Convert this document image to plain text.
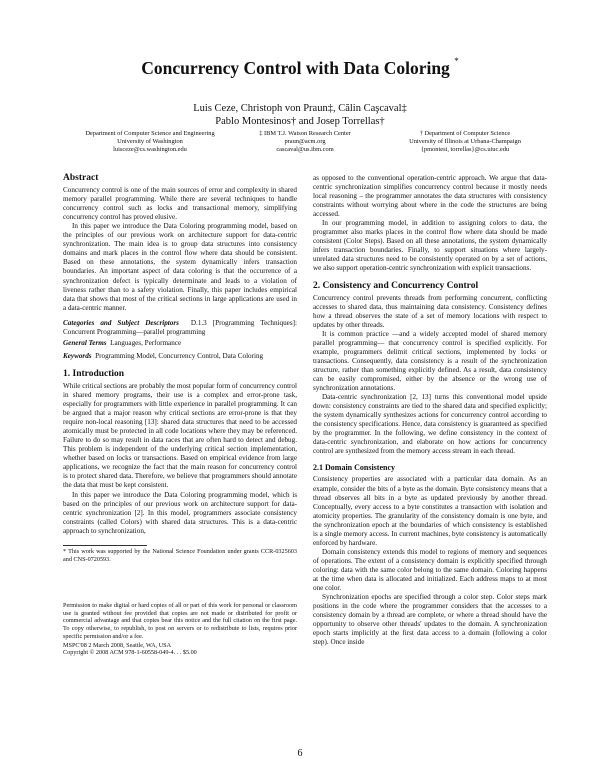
Concurrency Control with Data Coloring *
Luis Ceze, Christoph von Praun‡, Călin Caşcaval‡
Pablo Montesinos† and Josep Torrellas†
Department of Computer Science and Engineering
University of Washington
luisceze@cs.washington.edu
‡ IBM T.J. Watson Research Center
praun@acm.org
cascaval@us.ibm.com
† Department of Computer Science
University of Illinois at Urbana-Champaign
{pmontesi, torrellas}@cs.uiuc.edu
Abstract

Concurrency control is one of the main sources of error and complexity in shared memory parallel programming. While there are several techniques to handle concurrency control such as locks and transactional memory, simplifying concurrency control has proved elusive.

In this paper we introduce the Data Coloring programming model, based on the principles of our previous work on architecture support for data-centric synchronization. The main idea is to group data structures into consistency domains and mark places in the control flow where data should be consistent. Based on these annotations, the system dynamically infers transaction boundaries. An important aspect of data coloring is that the occurrence of a synchronization defect is typically determinate and leads to a violation of liveness rather than to a safety violation. Finally, this paper includes empirical data that shows that most of the critical sections in large applications are used in a data-centric manner.

Categories and Subject Descriptors D.1.3 [Programming Techniques]: Concurrent Programming—parallel programming

General Terms Languages, Performance

Keywords Programming Model, Concurrency Control, Data Coloring

1. Introduction

While critical sections are probably the most popular form of concurrency control in shared memory programs, their use is a complex and error-prone task, especially for programmers with little experience in parallel programming. It can be argued that a major reason why critical sections are error-prone is that they require non-local reasoning [13]: shared data structures that need to be accessed atomically must be protected in all code locations where they may be referenced. Failure to do so may result in data races that are often hard to detect and debug. This problem is independent of the underlying critical section implementation, whether based on locks or transactions. Based on empirical evidence from large applications, we recognize the fact that the main reason for concurrency control is to protect shared data. Therefore, we believe that programmers should annotate the data that must be kept consistent.

In this paper we introduce the Data Coloring programming model, which is based on the principles of our previous work on architecture support for data-centric synchronization [2]. In this model, programmers associate consistency constraints (called Colors) with shared data structures. This is a data-centric approach to synchronization,

* This work was supported by the National Science Foundation under grants CCR-0325603 and CNS-0720593.

Permission to make digital or hard copies of all or part of this work for personal or classroom use is granted without fee provided that copies are not made or distributed for profit or commercial advantage and that copies bear this notice and the full citation on the first page. To copy otherwise, to republish, to post on servers or to redistribute to lists, requires prior specific permission and/or a fee.

MSPC'08 2 March 2008, Seattle, WA, USA

Copyright © 2008 ACM 978-1-60558-049-4. . . $5.00

as opposed to the conventional operation-centric approach. We argue that data-centric synchronization simplifies concurrency control because it mostly needs local reasoning – the programmer annotates the data structures with consistency constraints without worrying about where in the code the structures are being accessed.

In our programming model, in addition to assigning colors to data, the programmer also marks places in the control flow where data should be made consistent (Color Steps). Based on all these annotations, the system dynamically infers transaction boundaries. Finally, to support situations where largely-unrelated data structures need to be consistently operated on by a set of actions, we also support operation-centric synchronization with explicit transactions.

2. Consistency and Concurrency Control

Concurrency control prevents threads from performing concurrent, conflicting accesses to shared data, thus maintaining data consistency. Consistency defines how a thread observes the state of a set of memory locations with respect to updates by other threads.

It is common practice —and a widely accepted model of shared memory parallel programming— that concurrency control is specified explicitly. For example, programmers delimit critical sections, implemented by locks or transactions. Consequently, data consistency is a result of the synchronization structure, rather than something explicitly defined. As a result, data consistency can be easily compromised, either by the absence or the wrong use of synchronization annotations.

Data-centric synchronization [2, 13] turns this conventional model upside down: consistency constraints are tied to the shared data and specified explicitly; the system dynamically synthesizes actions for concurrency control according to the consistency specifications. Hence, data consistency is guaranteed as specified by the programmer. In the following, we define consistency in the context of data-centric synchronization, and elaborate on how actions for concurrency control are synthesized from the memory access stream in each thread.

2.1 Domain Consistency

Consistency properties are associated with a particular data domain. As an example, consider the bits of a byte as the domain. Byte consistency means that a thread observes all bits in a byte as updated previously by another thread. Conceptually, every access to a byte constitutes a transaction with isolation and atomicity properties. The granularity of the consistency domain is one byte, and the synchronization epoch at the boundaries of which consistency is established is a single memory access. In current machines, byte consistency is automatically enforced by hardware.

Domain consistency extends this model to regions of memory and sequences of operations. The extent of a consistency domain is explicitly specified through coloring: data with the same color belong to the same domain. Coloring happens at the time when data is allocated and initialized. Each address maps to at most one color.

Synchronization epochs are specified through a color step. Color steps mark positions in the code where the programmer considers that the accesses to a consistency domain by a thread are complete, or where a thread should have the opportunity to observe other threads' updates to the domain. A synchronization epoch starts implicitly at the first data access to a domain (following a color step). Once inside

6
